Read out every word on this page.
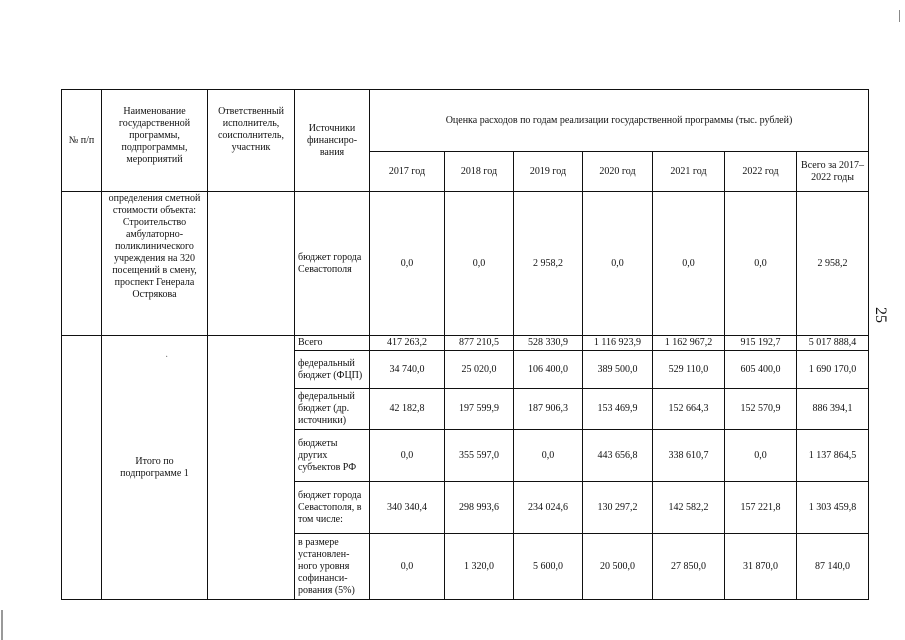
№ п/п	Наименование государственной программы, подпрограммы, мероприятий	Ответственный исполнитель, соисполнитель, участник	Источники финансиро-вания	Оценка расходов по годам реализации государственной программы (тыс. рублей)						
				2017 год	2018 год	2019 год	2020 год	2021 год	2022 год	Всего за 2017–2022 годы
	определения сметной стоимости объекта: Строительство амбулаторно-поликлинического учреждения на 320 посещений в смену, проспект Генерала Острякова		бюджет города Севастополя	0,0	0,0	2 958,2	0,0	0,0	0,0	2 958,2
	Итого по подпрограмме 1		Всего	417 263,2	877 210,5	528 330,9	1 116 923,9	1 162 967,2	915 192,7	5 017 888,4
			федеральный бюджет (ФЦП)	34 740,0	25 020,0	106 400,0	389 500,0	529 110,0	605 400,0	1 690 170,0
			федеральный бюджет (др. источники)	42 182,8	197 599,9	187 906,3	153 469,9	152 664,3	152 570,9	886 394,1
			бюджеты других субъектов РФ	0,0	355 597,0	0,0	443 656,8	338 610,7	0,0	1 137 864,5
			бюджет города Севастополя, в том числе:	340 340,4	298 993,6	234 024,6	130 297,2	142 582,2	157 221,8	1 303 459,8
			в размере установлен-ного уровня софинанси-рования (5%)	0,0	1 320,0	5 600,0	20 500,0	27 850,0	31 870,0	87 140,0
·
25
